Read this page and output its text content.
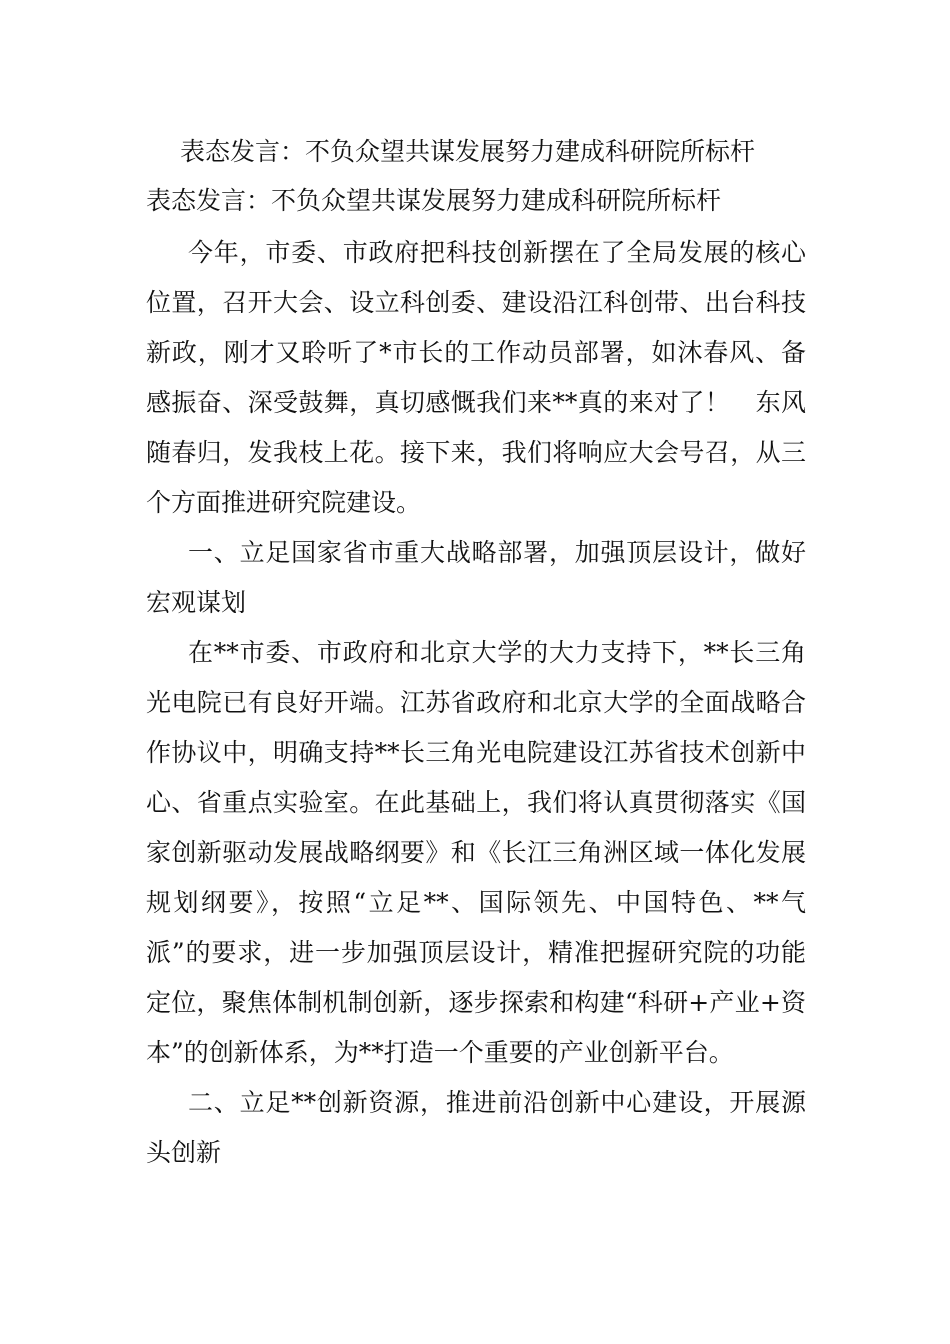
表态发言：不负众望共谋发展努力建成科研院所标杆
表态发言：不负众望共谋发展努力建成科研院所标杆

今年，市委、市政府把科技创新摆在了全局发展的核心位置，召开大会、设立科创委、建设沿江科创带、出台科技新政，刚才又聆听了*市长的工作动员部署，如沐春风、备感振奋、深受鼓舞，真切感慨我们来**真的来对了！　东风随春归，发我枝上花。接下来，我们将响应大会号召，从三个方面推进研究院建设。

一、立足国家省市重大战略部署，加强顶层设计，做好宏观谋划

在**市委、市政府和北京大学的大力支持下，**长三角光电院已有良好开端。江苏省政府和北京大学的全面战略合作协议中，明确支持**长三角光电院建设江苏省技术创新中心、省重点实验室。在此基础上，我们将认真贯彻落实《国家创新驱动发展战略纲要》和《长江三角洲区域一体化发展规划纲要》，按照“立足**、国际领先、中国特色、**气派”的要求，进一步加强顶层设计，精准把握研究院的功能定位，聚焦体制机制创新，逐步探索和构建“科研+产业+资本”的创新体系，为**打造一个重要的产业创新平台。

二、立足**创新资源，推进前沿创新中心建设，开展源头创新
